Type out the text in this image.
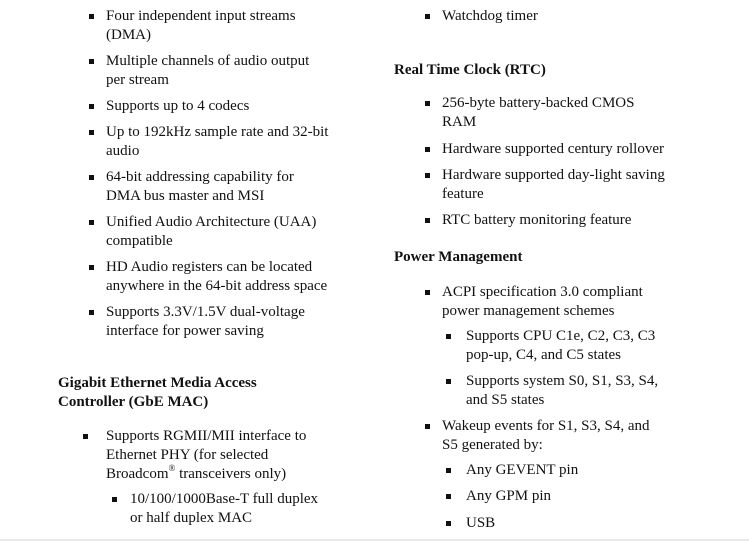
Four independent input streams
(DMA)
Multiple channels of audio output
per stream
Supports up to 4 codecs
Up to 192kHz sample rate and 32-bit
audio
64-bit addressing capability for
DMA bus master and MSI
Unified Audio Architecture (UAA)
compatible
HD Audio registers can be located
anywhere in the 64-bit address space
Supports 3.3V/1.5V dual-voltage
interface for power saving
Gigabit Ethernet Media Access
Controller (GbE MAC)
Supports RGMII/MII interface to
Ethernet PHY (for selected
Broadcom® transceivers only)
10/100/1000Base-T full duplex
or half duplex MAC
Watchdog timer
Real Time Clock (RTC)
256-byte battery-backed CMOS
RAM
Hardware supported century rollover
Hardware supported day-light saving
feature
RTC battery monitoring feature
Power Management
ACPI specification 3.0 compliant
power management schemes
Supports CPU C1e, C2, C3, C3
pop-up, C4, and C5 states
Supports system S0, S1, S3, S4,
and S5 states
Wakeup events for S1, S3, S4, and
S5 generated by:
Any GEVENT pin
Any GPM pin
USB
